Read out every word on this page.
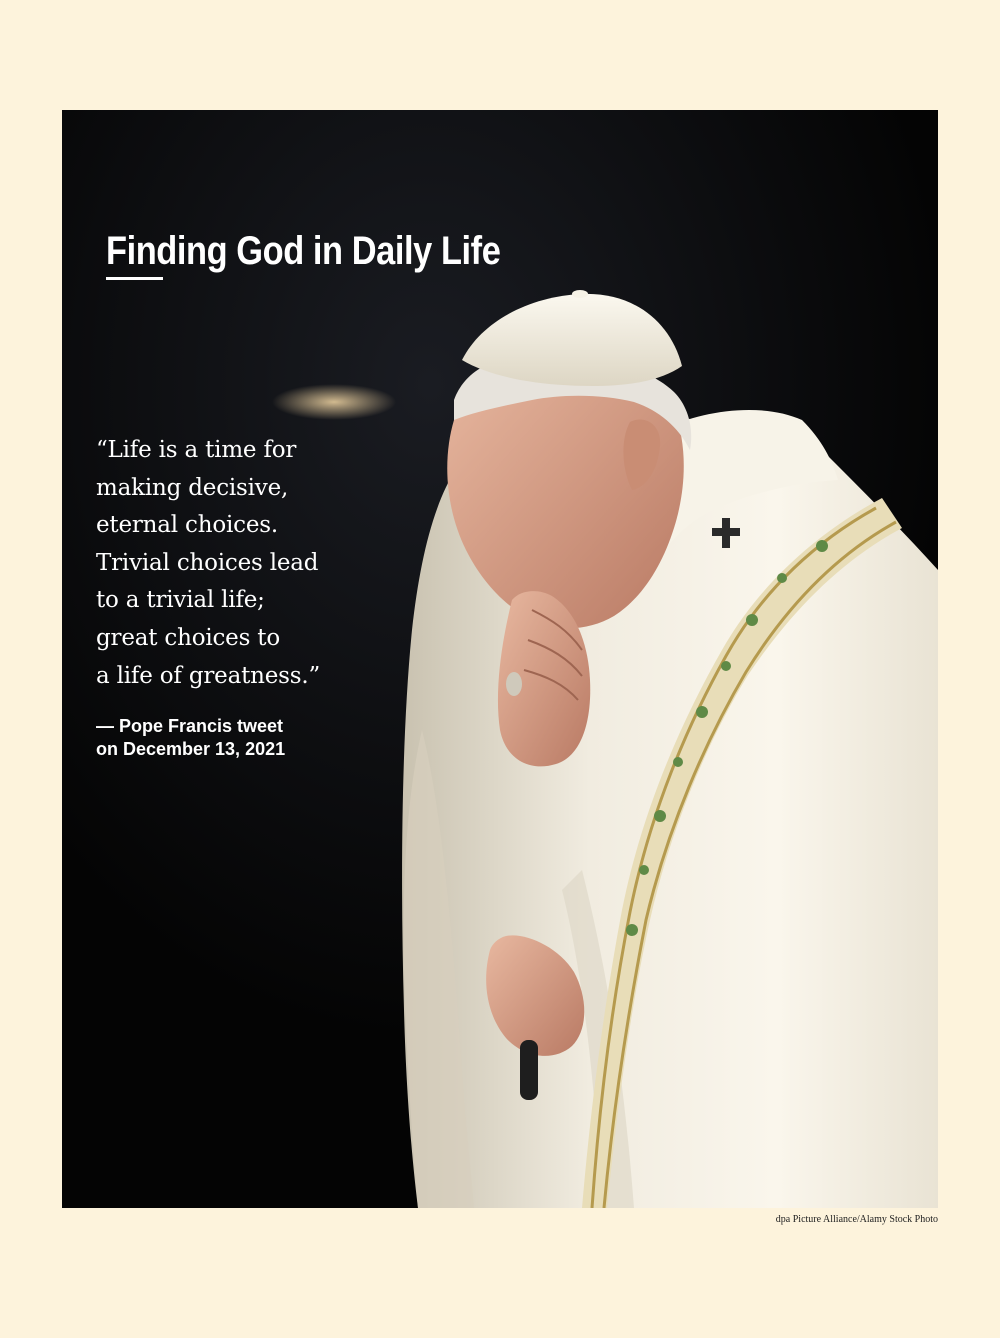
Finding God in Daily Life
“Life is a time for
making decisive,
eternal choices.
Trivial choices lead
to a trivial life;
great choices to
a life of greatness.”

— Pope Francis tweet
on December 13, 2021

dpa Picture Alliance/Alamy Stock Photo
